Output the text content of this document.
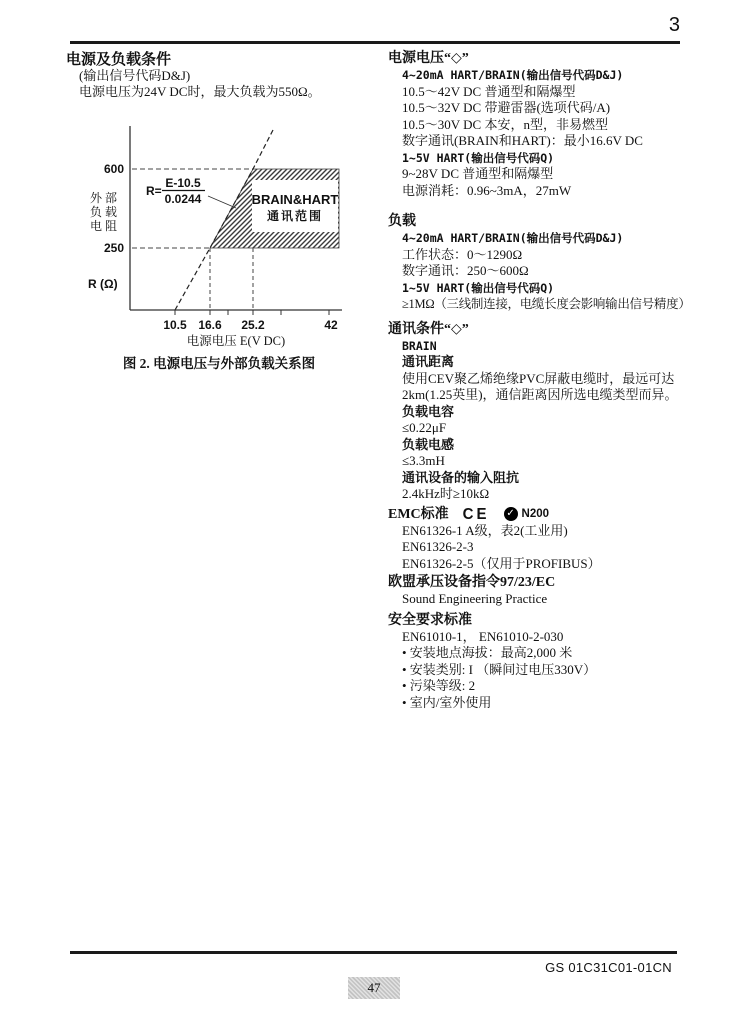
3
电源及负载条件
(输出信号代码D&J)
电源电压为24V DC时，最大负载为550Ω。
BRAIN&HART
通讯范围
R=
E-10.5
0.0244
600
250
外 部
负 载
电 阻
R (Ω)
10.5 16.6 25.2	42
电源电压 E(V DC)
图 2. 电源电压与外部负载关系图
电源电压“◇”
4~20mA HART/BRAIN(输出信号代码D&J)
10.5～42V DC 普通型和隔爆型
10.5～32V DC 带避雷器(选项代码/A)
10.5～30V DC 本安，n型，非易燃型
数字通讯(BRAIN和HART)：最小16.6V DC
1~5V HART(输出信号代码Q)
9~28V DC 普通型和隔爆型
电源消耗：0.96~3mA，27mW
负载
4~20mA HART/BRAIN(输出信号代码D&J)
工作状态：0～1290Ω
数字通讯：250～600Ω
1~5V HART(输出信号代码Q)
≥1MΩ（三线制连接，电缆长度会影响输出信号精度）
通讯条件“◇”
BRAIN
通讯距离
使用CEV聚乙烯绝缘PVC屏蔽电缆时，最远可达
2km(1.25英里)，通信距离因所选电缆类型而异。
负载电容
≤0.22μF
负载电感
≤3.3mH
通讯设备的输入阻抗
2.4kHz时≥10kΩ
EMC标准 CE ✓ N200
EN61326-1 A级，表2(工业用)
EN61326-2-3
EN61326-2-5（仅用于PROFIBUS）
欧盟承压设备指令97/23/EC
Sound Engineering Practice
安全要求标准
EN61010-1， EN61010-2-030
• 安装地点海拔：最高2,000 米
• 安装类别: I （瞬间过电压330V）
• 污染等级: 2
• 室内/室外使用
GS 01C31C01-01CN
47
